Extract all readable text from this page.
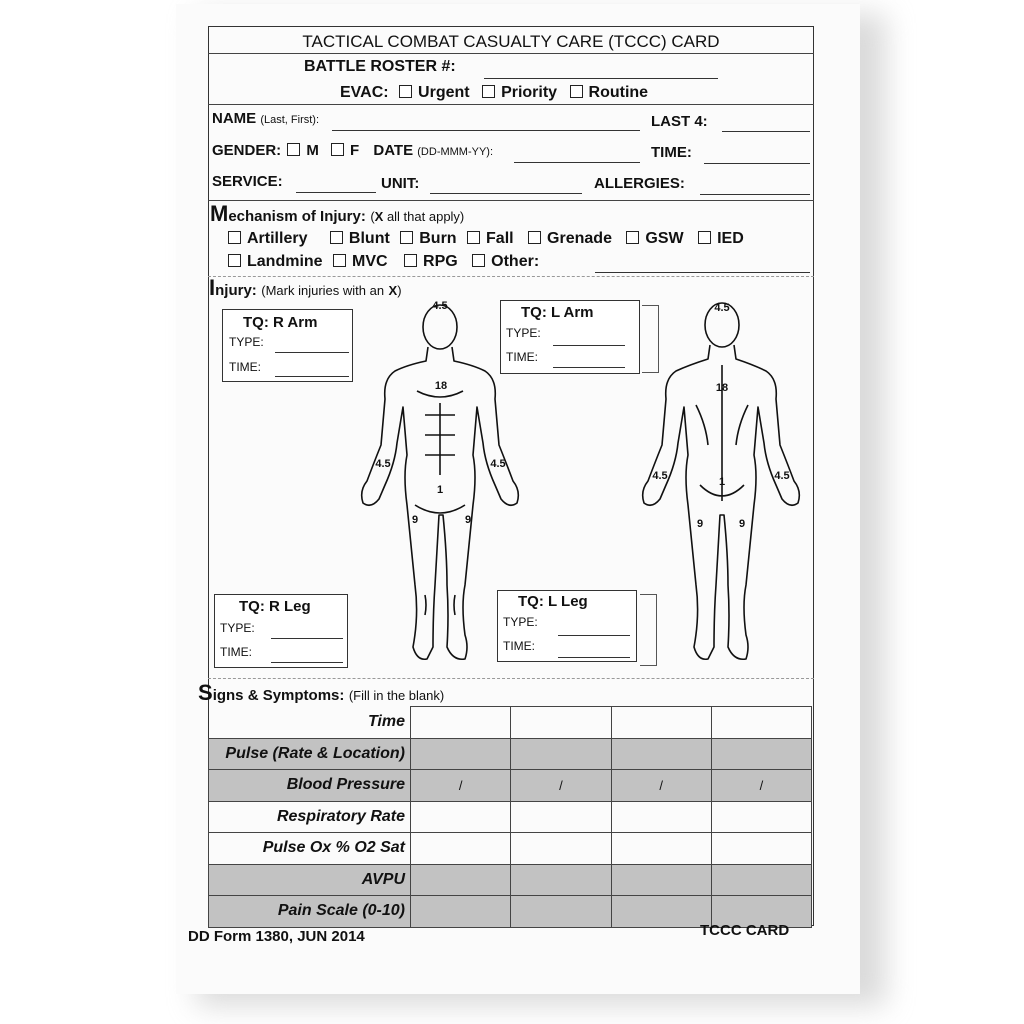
TACTICAL COMBAT CASUALTY CARE (TCCC) CARD
BATTLE ROSTER #:
EVAC: Urgent Priority Routine
NAME (Last, First):	LAST 4:
GENDER: M F DATE (DD-MMM-YY):	TIME:
SERVICE:	UNIT:	ALLERGIES:
Mechanism of Injury: (X all that apply)
Artillery	Blunt Burn Fall Grenade GSW IED
Landmine MVC RPG Other:
Injury: (Mark injuries with an X)
4.5
18
4.5	4.5
1
9	9
4.5
18
4.5	4.5
1
9	9
TQ: R Arm
TYPE:
TIME:
TQ: L Arm
TYPE:
TIME:
TQ: R Leg
TYPE:
TIME:
TQ: L Leg
TYPE:
TIME:
Signs & Symptoms: (Fill in the blank)
Time				
Pulse (Rate & Location)				
Blood Pressure	/	/	/	/
Respiratory Rate				
Pulse Ox % O2 Sat				
AVPU				
Pain Scale (0-10)				
DD Form 1380, JUN 2014	TCCC CARD
